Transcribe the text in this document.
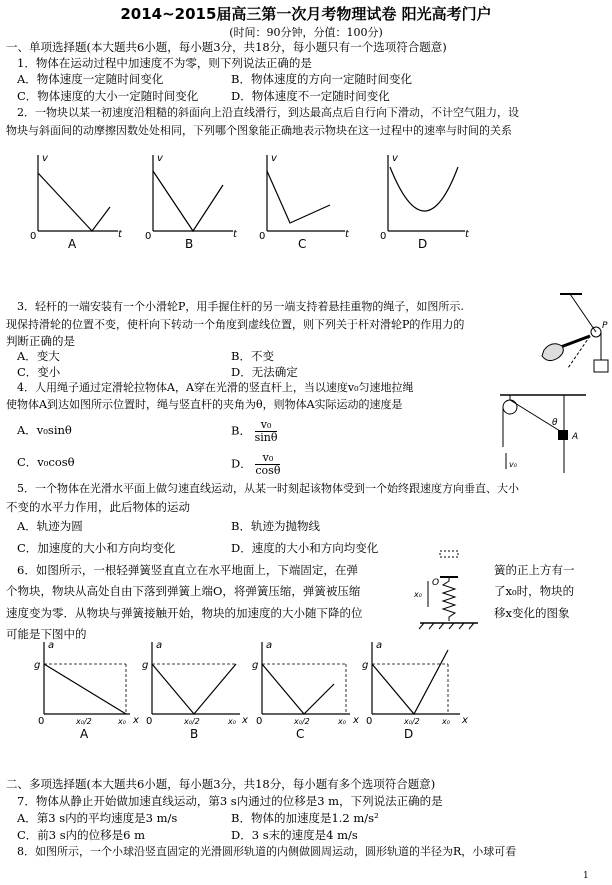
2014~2015届高三第一次月考物理试卷 阳光高考门户
(时间：90分钟，分值：100分)
一、单项选择题(本大题共6小题，每小题3分，共18分，每小题只有一个选项符合题意)
1．物体在运动过程中加速度不为零，则下列说法正确的是
A．物体速度一定随时间变化	B．物体速度的方向一定随时间变化
C．物体速度的大小一定随时间变化	D．物体速度不一定随时间变化
2．一物块以某一初速度沿粗糙的斜面向上沿直线滑行，到达最高点后自行向下滑动，不计空气阻力，设
物块与斜面间的动摩擦因数处处相同，下列哪个图象能正确地表示物块在这一过程中的速率与时间的关系
v	v	v	v
t	t	t	t
0	0	0	0
A	B	C	D
3．轻杆的一端安装有一个小滑轮P，用手握住杆的另一端支持着悬挂重物的绳子，如图所示.
现保持滑轮的位置不变，使杆向下转动一个角度到虚线位置，则下列关于杆对滑轮P的作用力的
判断正确的是
A．变大	B．不变
C．变小	D．无法确定
P
4．人用绳子通过定滑轮拉物体A，A穿在光滑的竖直杆上，当以速度v₀匀速地拉绳
使物体A到达如图所示位置时，绳与竖直杆的夹角为θ，则物体A实际运动的速度是
A．v₀sinθ	B． $\frac{\text{v₀}}{\sin\theta}$
C．v₀cosθ	D． $\frac{\text{v₀}}{\cos\theta}$
A
θ
v₀
5．一个物体在光滑水平面上做匀速直线运动，从某一时刻起该物体受到一个始终跟速度方向垂直、大小
不变的水平力作用，此后物体的运动
A．轨迹为圆	B．轨迹为抛物线
C．加速度的大小和方向均变化	D．速度的大小和方向均变化
6．如图所示，一根轻弹簧竖直直立在水平地面上，下端固定，在弹	簧的正上方有一
个物块，物块从高处自由下落到弹簧上端O，将弹簧压缩，弹簧被压缩	了x₀时，物块的
速度变为零．从物块与弹簧接触开始，物块的加速度的大小随下降的位	移x变化的图象
可能是下图中的
O
x₀
a	a	a	a
g	g	g	g
x	x	x	x
x₀/2	x₀	x₀/2	x₀	x₀/2	x₀	x₀/2	x₀
0	0	0	0
A	B	C	D
二、多项选择题(本大题共6小题，每小题3分，共18分，每小题有多个选项符合题意)
7．物体从静止开始做加速直线运动，第3 s内通过的位移是3 m，下列说法正确的是
A．第3 s内的平均速度是3 m/s	B．物体的加速度是1.2 m/s²
C．前3 s内的位移是6 m	D．3 s末的速度是4 m/s
8．如图所示，一个小球沿竖直固定的光滑圆形轨道的内侧做圆周运动，圆形轨道的半径为R，小球可看
1
